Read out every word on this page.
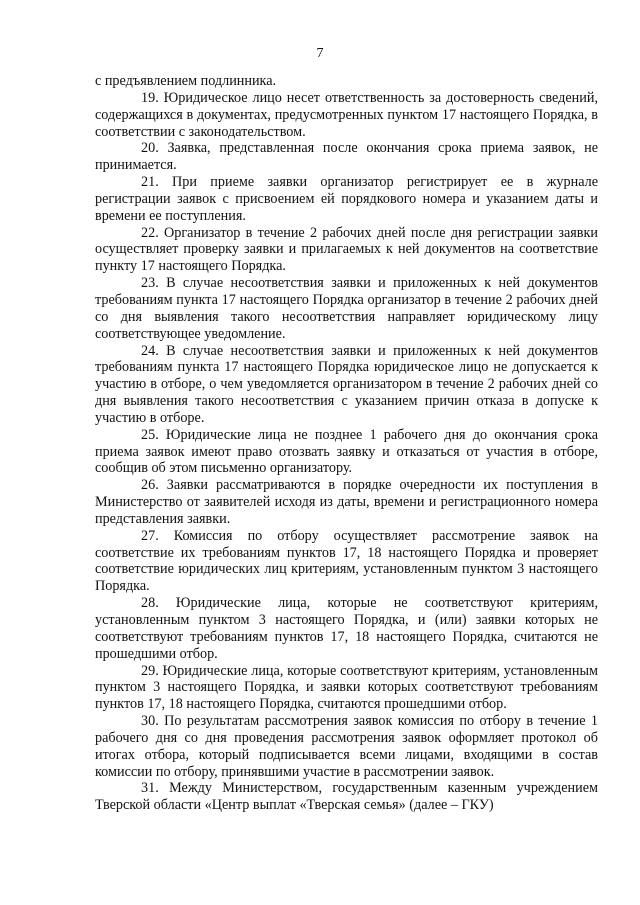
7

с предъявлением подлинника.

19. Юридическое лицо несет ответственность за достоверность сведений, содержащихся в документах, предусмотренных пунктом 17 настоящего Порядка, в соответствии с законодательством.

20. Заявка, представленная после окончания срока приема заявок, не принимается.

21. При приеме заявки организатор регистрирует ее в журнале регистрации заявок с присвоением ей порядкового номера и указанием даты и времени ее поступления.

22. Организатор в течение 2 рабочих дней после дня регистрации заявки осуществляет проверку заявки и прилагаемых к ней документов на соответствие пункту 17 настоящего Порядка.

23. В случае несоответствия заявки и приложенных к ней документов требованиям пункта 17 настоящего Порядка организатор в течение 2 рабочих дней со дня выявления такого несоответствия направляет юридическому лицу соответствующее уведомление.

24. В случае несоответствия заявки и приложенных к ней документов требованиям пункта 17 настоящего Порядка юридическое лицо не допускается к участию в отборе, о чем уведомляется организатором в течение 2 рабочих дней со дня выявления такого несоответствия с указанием причин отказа в допуске к участию в отборе.

25. Юридические лица не позднее 1 рабочего дня до окончания срока приема заявок имеют право отозвать заявку и отказаться от участия в отборе, сообщив об этом письменно организатору.

26. Заявки рассматриваются в порядке очередности их поступления в Министерство от заявителей исходя из даты, времени и регистрационного номера представления заявки.

27. Комиссия по отбору осуществляет рассмотрение заявок на соответствие их требованиям пунктов 17, 18 настоящего Порядка и проверяет соответствие юридических лиц критериям, установленным пунктом 3 настоящего Порядка.

28. Юридические лица, которые не соответствуют критериям, установленным пунктом 3 настоящего Порядка, и (или) заявки которых не соответствуют требованиям пунктов 17, 18 настоящего Порядка, считаются не прошедшими отбор.

29. Юридические лица, которые соответствуют критериям, установленным пунктом 3 настоящего Порядка, и заявки которых соответствуют требованиям пунктов 17, 18 настоящего Порядка, считаются прошедшими отбор.

30. По результатам рассмотрения заявок комиссия по отбору в течение 1 рабочего дня со дня проведения рассмотрения заявок оформляет протокол об итогах отбора, который подписывается всеми лицами, входящими в состав комиссии по отбору, принявшими участие в рассмотрении заявок.

31. Между Министерством, государственным казенным учреждением Тверской области «Центр выплат «Тверская семья» (далее – ГКУ)
